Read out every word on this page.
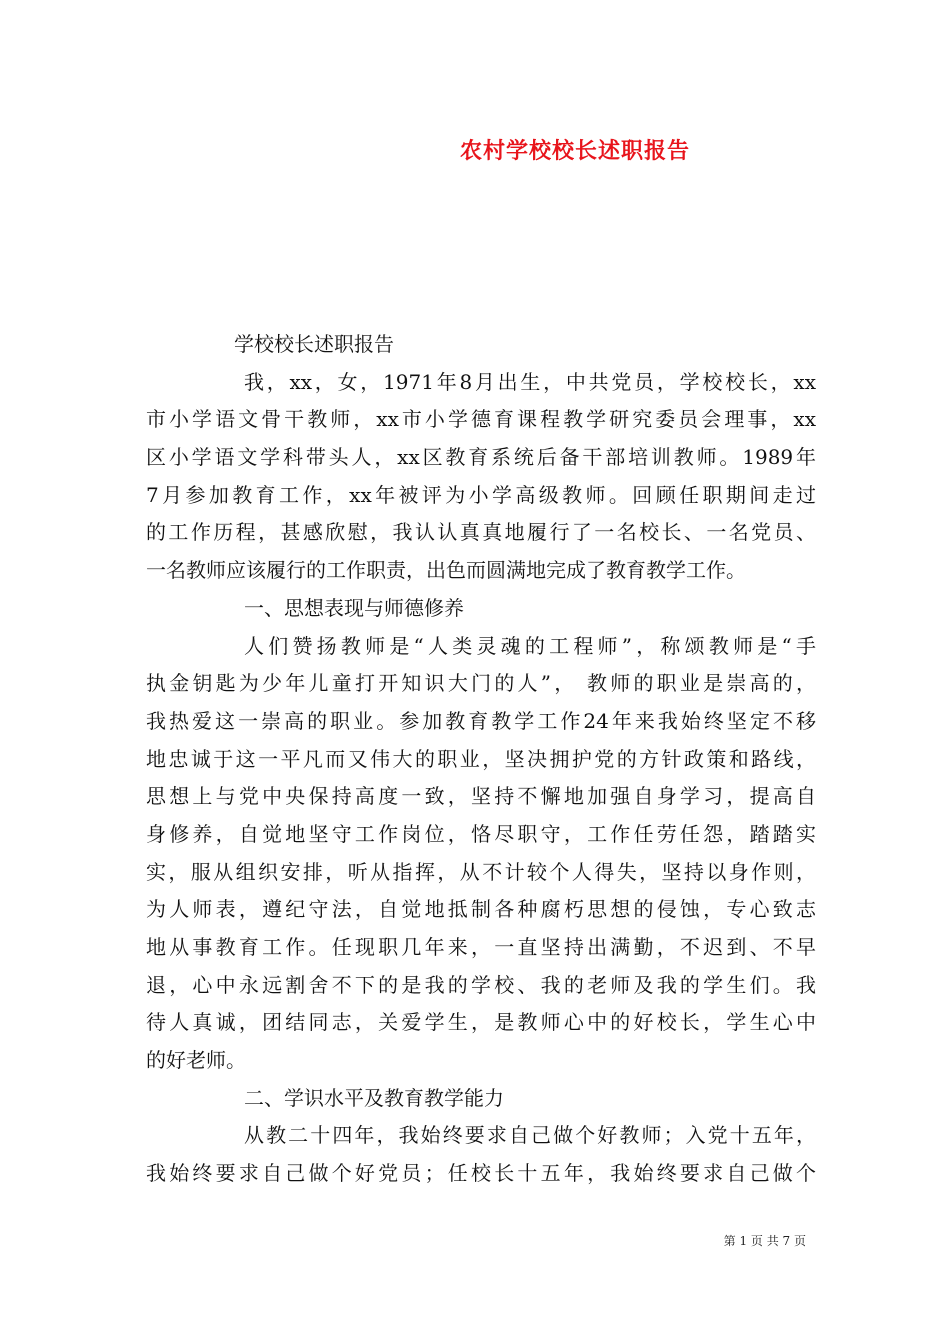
农村学校校长述职报告
学校校长述职报告
我，xx，女，1971年8月出生，中共党员，学校校长，xx
市小学语文骨干教师，xx市小学德育课程教学研究委员会理事，xx
区小学语文学科带头人，xx区教育系统后备干部培训教师。1989年
7月参加教育工作，xx年被评为小学高级教师。回顾任职期间走过
的工作历程，甚感欣慰，我认认真真地履行了一名校长、一名党员、
一名教师应该履行的工作职责，出色而圆满地完成了教育教学工作。
一、思想表现与师德修养
人们赞扬教师是“人类灵魂的工程师”，称颂教师是“手
执金钥匙为少年儿童打开知识大门的人”， 教师的职业是崇高的，
我热爱这一崇高的职业。参加教育教学工作24年来我始终坚定不移
地忠诚于这一平凡而又伟大的职业，坚决拥护党的方针政策和路线，
思想上与党中央保持高度一致，坚持不懈地加强自身学习，提高自
身修养，自觉地坚守工作岗位，恪尽职守，工作任劳任怨，踏踏实
实，服从组织安排，听从指挥，从不计较个人得失，坚持以身作则，
为人师表，遵纪守法，自觉地抵制各种腐朽思想的侵蚀，专心致志
地从事教育工作。任现职几年来，一直坚持出满勤，不迟到、不早
退，心中永远割舍不下的是我的学校、我的老师及我的学生们。我
待人真诚，团结同志，关爱学生，是教师心中的好校长，学生心中
的好老师。
二、学识水平及教育教学能力
从教二十四年，我始终要求自己做个好教师；入党十五年，
我始终要求自己做个好党员；任校长十五年，我始终要求自己做个
第 1 页 共 7 页
